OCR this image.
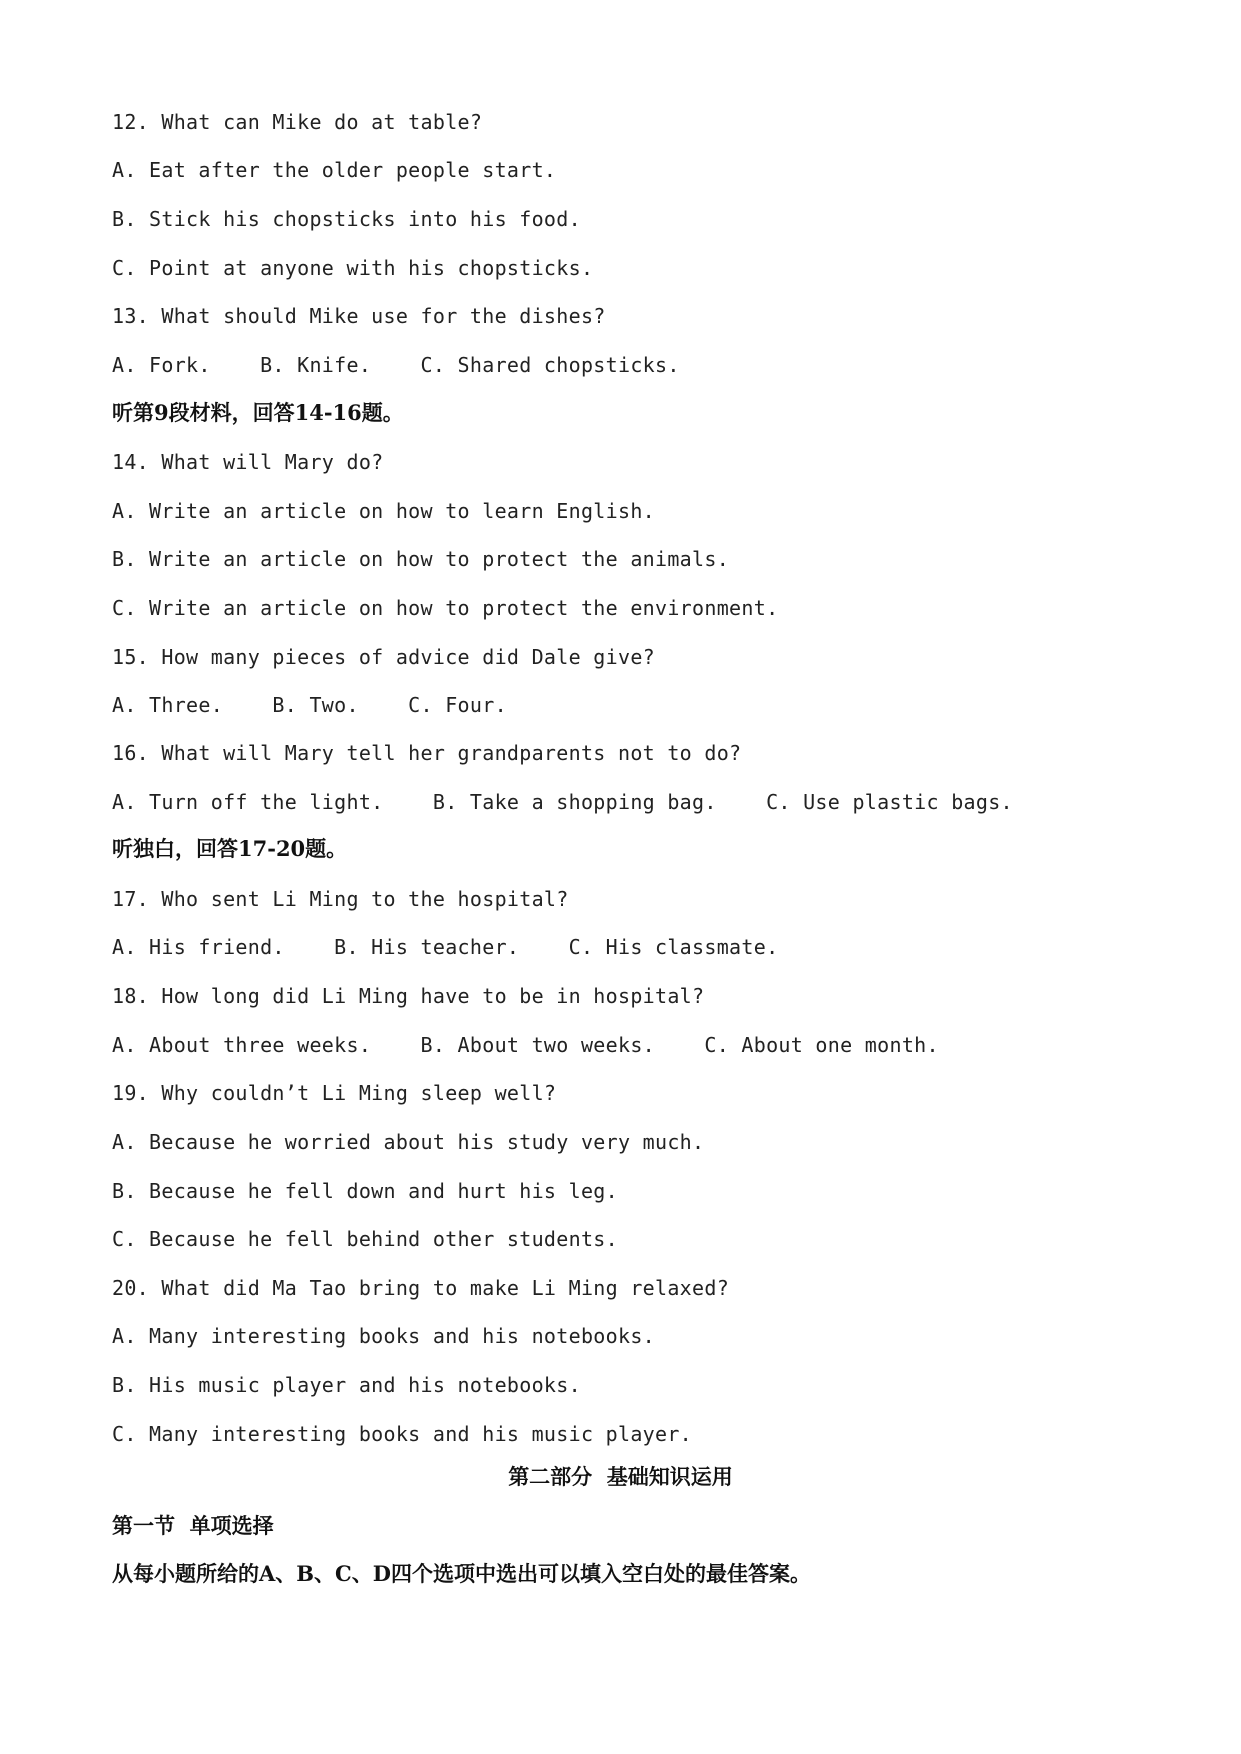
12. What can Mike do at table?
A. Eat after the older people start.
B. Stick his chopsticks into his food.
C. Point at anyone with his chopsticks.
13. What should Mike use for the dishes?
A. Fork.    B. Knife.    C. Shared chopsticks.
听第9段材料，回答14-16题。
14. What will Mary do?
A. Write an article on how to learn English.
B. Write an article on how to protect the animals.
C. Write an article on how to protect the environment.
15. How many pieces of advice did Dale give?
A. Three.    B. Two.    C. Four.
16. What will Mary tell her grandparents not to do?
A. Turn off the light.    B. Take a shopping bag.    C. Use plastic bags.
听独白，回答17-20题。
17. Who sent Li Ming to the hospital?
A. His friend.    B. His teacher.    C. His classmate.
18. How long did Li Ming have to be in hospital?
A. About three weeks.    B. About two weeks.    C. About one month.
19. Why couldn’t Li Ming sleep well?
A. Because he worried about his study very much.
B. Because he fell down and hurt his leg.
C. Because he fell behind other students.
20. What did Ma Tao bring to make Li Ming relaxed?
A. Many interesting books and his notebooks.
B. His music player and his notebooks.
C. Many interesting books and his music player.
第二部分  基础知识运用
第一节  单项选择
从每小题所给的A、B、C、D四个选项中选出可以填入空白处的最佳答案。
